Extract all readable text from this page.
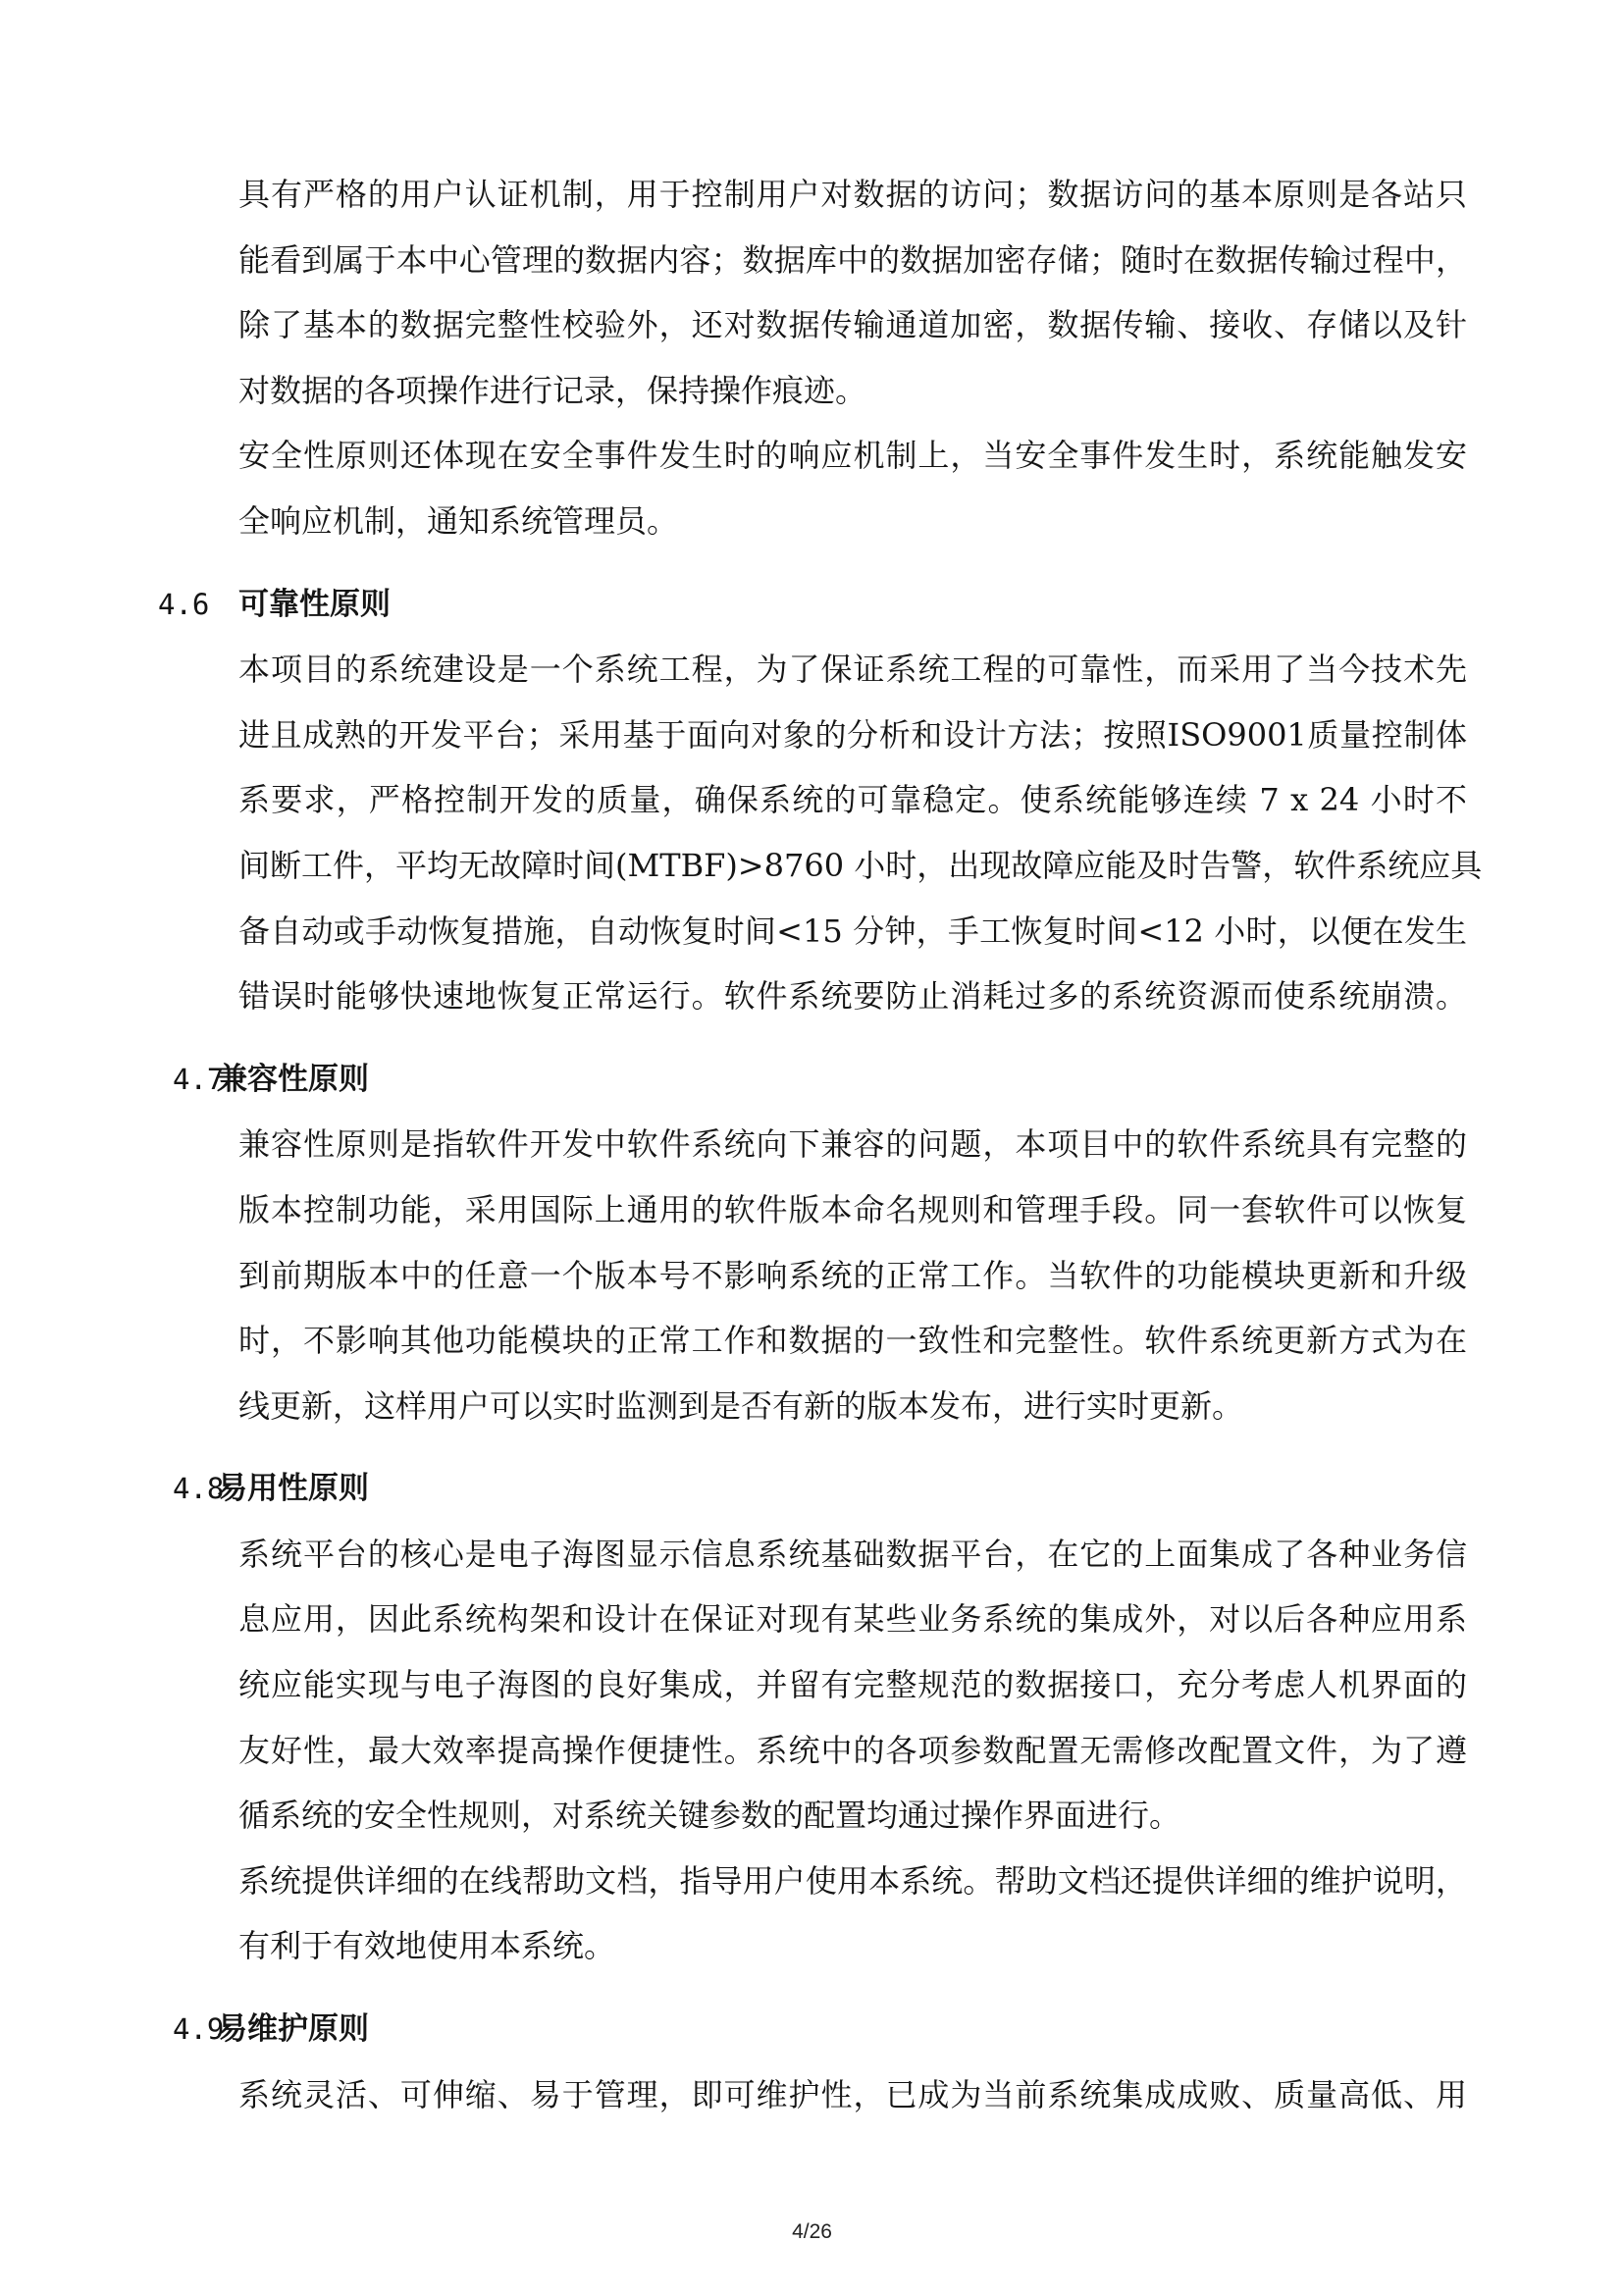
具有严格的用户认证机制，用于控制用户对数据的访问；数据访问的基本原则是各站只
能看到属于本中心管理的数据内容；数据库中的数据加密存储；随时在数据传输过程中，
除了基本的数据完整性校验外，还对数据传输通道加密，数据传输、接收、存储以及针
对数据的各项操作进行记录，保持操作痕迹。
安全性原则还体现在安全事件发生时的响应机制上，当安全事件发生时，系统能触发安
全响应机制，通知系统管理员。
4.6 可靠性原则
本项目的系统建设是一个系统工程，为了保证系统工程的可靠性，而采用了当今技术先
进且成熟的开发平台；采用基于面向对象的分析和设计方法；按照ISO9001质量控制体
系要求，严格控制开发的质量，确保系统的可靠稳定。使系统能够连续 7 x 24 小时不
间断工件，平均无故障时间(MTBF)>8760 小时，出现故障应能及时告警，软件系统应具
备自动或手动恢复措施，自动恢复时间<15 分钟，手工恢复时间<12 小时，以便在发生
错误时能够快速地恢复正常运行。软件系统要防止消耗过多的系统资源而使系统崩溃。
4.7兼容性原则
兼容性原则是指软件开发中软件系统向下兼容的问题，本项目中的软件系统具有完整的
版本控制功能，采用国际上通用的软件版本命名规则和管理手段。同一套软件可以恢复
到前期版本中的任意一个版本号不影响系统的正常工作。当软件的功能模块更新和升级
时，不影响其他功能模块的正常工作和数据的一致性和完整性。软件系统更新方式为在
线更新，这样用户可以实时监测到是否有新的版本发布，进行实时更新。
4.8易用性原则
系统平台的核心是电子海图显示信息系统基础数据平台，在它的上面集成了各种业务信
息应用，因此系统构架和设计在保证对现有某些业务系统的集成外，对以后各种应用系
统应能实现与电子海图的良好集成，并留有完整规范的数据接口，充分考虑人机界面的
友好性，最大效率提高操作便捷性。系统中的各项参数配置无需修改配置文件，为了遵
循系统的安全性规则，对系统关键参数的配置均通过操作界面进行。
系统提供详细的在线帮助文档，指导用户使用本系统。帮助文档还提供详细的维护说明，
有利于有效地使用本系统。
4.9易维护原则
系统灵活、可伸缩、易于管理，即可维护性，已成为当前系统集成成败、质量高低、用
4/26
